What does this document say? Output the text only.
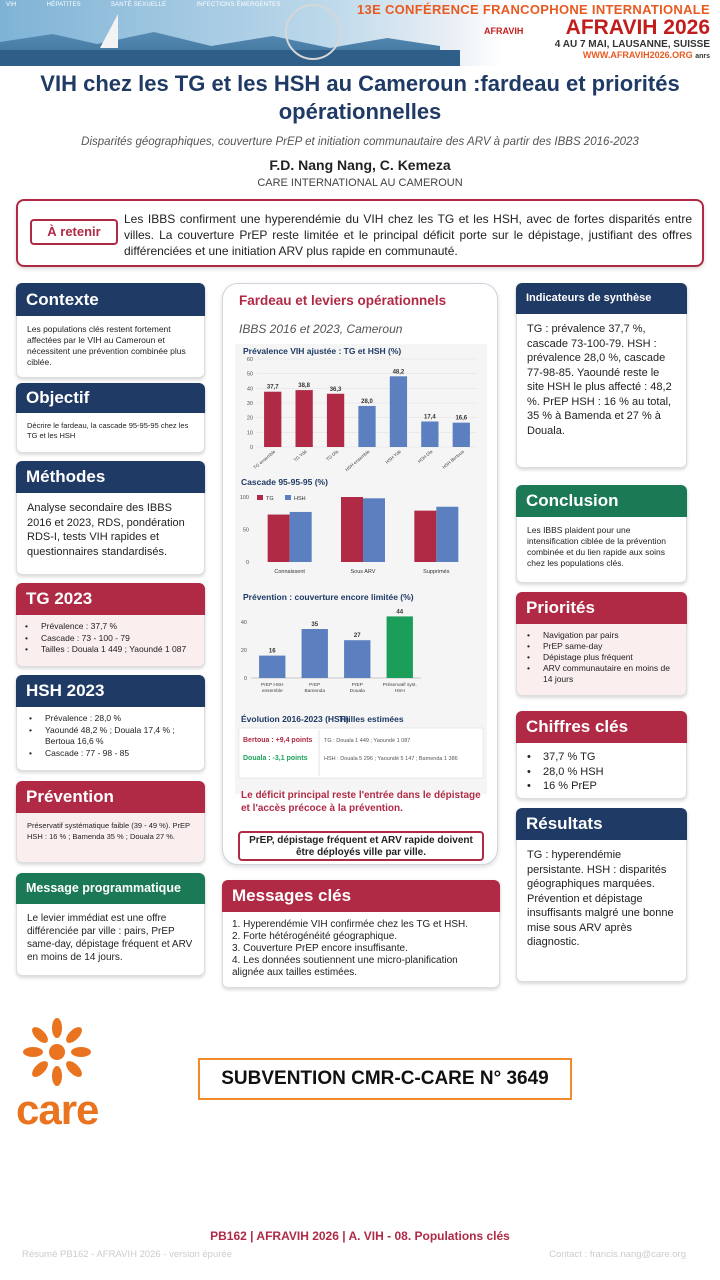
VIH	HÉPATITES	SANTÉ SEXUELLE	INFECTIONS ÉMERGENTES
AFRAVIH
13E CONFÉRENCE FRANCOPHONE INTERNATIONALE
AFRAVIH 2026
4 AU 7 MAI, LAUSANNE, SUISSE
WWW.AFRAVIH2026.ORG anrs
VIH chez les TG et les HSH au Cameroun :fardeau et priorités opérationnelles
Disparités géographiques, couverture PrEP et initiation communautaire des ARV à partir des IBBS 2016-2023
F.D. Nang Nang, C. Kemeza
CARE INTERNATIONAL AU CAMEROUN
À retenir
Les IBBS confirment une hyperendémie du VIH chez les TG et les HSH, avec de fortes disparités entre villes. La couverture PrEP reste limitée et le principal déficit porte sur le dépistage, justifiant des offres différenciées et une initiation ARV plus rapide en communauté.
Contexte
Les populations clés restent fortement affectées par le VIH au Cameroun et nécessitent une prévention combinée plus ciblée.
Objectif
Décrire le fardeau, la cascade 95-95-95 chez les TG et les HSH
Méthodes
Analyse secondaire des IBBS 2016 et 2023, RDS, pondération RDS-I, tests VIH rapides et questionnaires standardisés.
TG 2023
• Prévalence : 37,7 %
• Cascade : 73 - 100 - 79
• Tailles : Douala 1 449 ; Yaoundé 1 087
HSH 2023
• Prévalence : 28,0 %
• Yaoundé 48,2 % ; Douala 17,4 % ; Bertoua 16,6 %
• Cascade : 77 - 98 - 85
Prévention
Préservatif systématique faible (39 - 49 %). PrEP HSH : 16 % ; Bamenda 35 % ; Douala 27 %.
Message programmatique
Le levier immédiat est une offre différenciée par ville : pairs, PrEP same-day, dépistage fréquent et ARV en moins de 14 jours.
Fardeau et leviers opérationnels
IBBS 2016 et 2023, Cameroun
Prévalence VIH ajustée : TG et HSH (%)
0
10
20
30
40
50
60
37,7
TG ensemble
38,8
TG Ydé
36,3
TG Dla
28,0
HSH ensemble
48,2
HSH Ydé
17,4
HSH Dla
16,6
HSH Bertoua
Cascade 95-95-95 (%)
TG	HSH
0
50
100
Connaissent	Sous ARV	Supprimés
Prévention : couverture encore limitée (%)
0
20
40
16
PrEP HSH
ensemble
35
PrEP
Bamenda
27
PrEP
Douala
44
Préservatif syst.
HSH
Évolution 2016-2023 (HSH)
Tailles estimées
Bertoua : +9,4 points TG : Douala 1 449 ; Yaoundé 1 087
Douala : -3,1 points	HSH : Douala 5 296 ; Yaoundé 5 147 ; Bamenda 1 386
Le déficit principal reste l'entrée dans le dépistage et l'accès précoce à la prévention.
PrEP, dépistage fréquent et ARV rapide doivent être déployés ville par ville.
Indicateurs de synthèse
TG : prévalence 37,7 %, cascade 73-100-79. HSH : prévalence 28,0 %, cascade 77-98-85. Yaoundé reste le site HSH le plus affecté : 48,2 %. PrEP HSH : 16 % au total, 35 % à Bamenda et 27 % à Douala.
Conclusion
Les IBBS plaident pour une intensification ciblée de la prévention combinée et du lien rapide aux soins chez les populations clés.
Priorités
• Navigation par pairs
• PrEP same-day
• Dépistage plus fréquent
• ARV communautaire en moins de 14 jours
Chiffres clés
• 37,7 % TG
• 28,0 % HSH
• 16 % PrEP
Résultats
TG : hyperendémie persistante. HSH : disparités géographiques marquées. Prévention et dépistage insuffisants malgré une bonne mise sous ARV après diagnostic.
Messages clés
1. Hyperendémie VIH confirmée chez les TG et HSH.
2. Forte hétérogénéité géographique.
3. Couverture PrEP encore insuffisante.
4. Les données soutiennent une micro-planification alignée aux tailles estimées.
care
SUBVENTION CMR-C-CARE N° 3649
PB162 | AFRAVIH 2026 | A. VIH - 08. Populations clés
Résumé PB162 - AFRAVIH 2026 - version épurée	Contact : francis.nang@care.org
